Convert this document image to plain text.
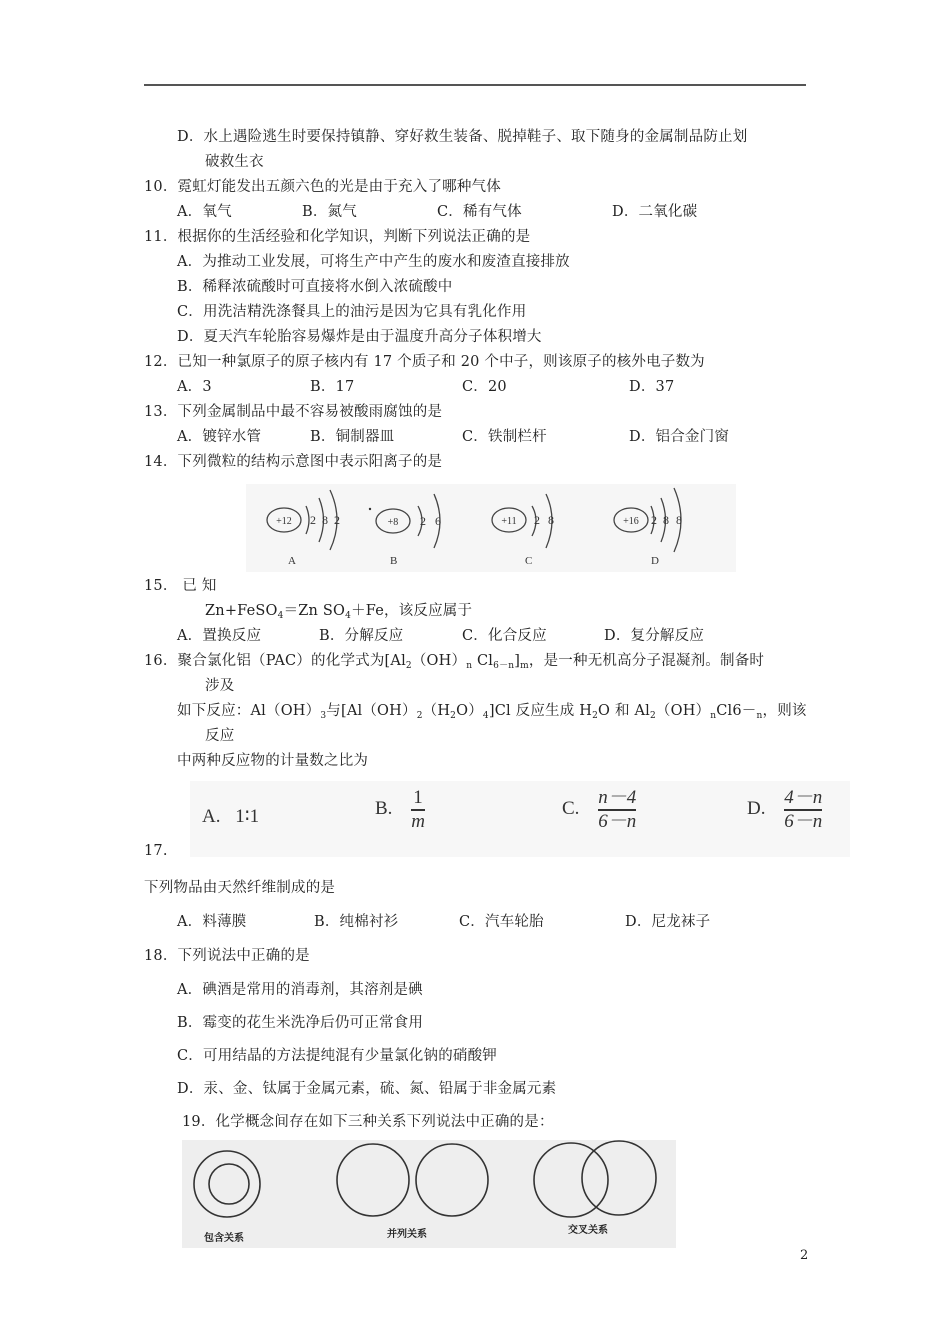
D．水上遇险逃生时要保持镇静、穿好救生装备、脱掉鞋子、取下随身的金属制品防止划
破救生衣
10．霓虹灯能发出五颜六色的光是由于充入了哪种气体
A．氧气	B．氮气	C．稀有气体	D．二氧化碳
11．根据你的生活经验和化学知识，判断下列说法正确的是
A．为推动工业发展，可将生产中产生的废水和废渣直接排放
B．稀释浓硫酸时可直接将水倒入浓硫酸中
C．用洗洁精洗涤餐具上的油污是因为它具有乳化作用
D．夏天汽车轮胎容易爆炸是由于温度升高分子体积增大
12．已知一种氯原子的原子核内有 17 个质子和 20 个中子，则该原子的核外电子数为
A．3	B．17	C．20	D．37
13．下列金属制品中最不容易被酸雨腐蚀的是
A．镀锌水管	B．铜制器皿	C．铁制栏杆	D．铝合金门窗
14．下列微粒的结构示意图中表示阳离子的是
+12 2 8 2
A
+8 2 6
B
+11 2 8
C
+16 2 8 8
D
15． 已 知
Zn+FeSO$_4$＝Zn $SO_4+Fe$，该反应属于
A．置换反应	B．分解反应	C．化合反应	D．复分解反应
16．聚合氯化铝（PAC）的化学式为[$Al_2(OH)_n$ $Cl_{6-n}]_m$，是一种无机高分子混凝剂。制备时
涉及
如下反应：$Al(OH)_3$与$[Al(OH)_2(H_2O)_4]Cl$ 反应生成 $H_2O$ 和 $Al_2(OH)_nCl6-_n$，则该
反应
中两种反应物的计量数之比为
A. 1∶1	B. $\frac{1}{m}$	C. $\frac{n-4}{6-n}$	D. $\frac{4-n}{6-n}$
17.
下列物品由天然纤维制成的是
A．料薄膜	B．纯棉衬衫	C．汽车轮胎	D．尼龙袜子
18．下列说法中正确的是
A．碘酒是常用的消毒剂，其溶剂是碘
B．霉变的花生米洗净后仍可正常食用
C．可用结晶的方法提纯混有少量氯化钠的硝酸钾
D．汞、金、钛属于金属元素，硫、氮、铅属于非金属元素
19．化学概念间存在如下三种关系下列说法中正确的是：
包含关系	并列关系	交叉关系
2
